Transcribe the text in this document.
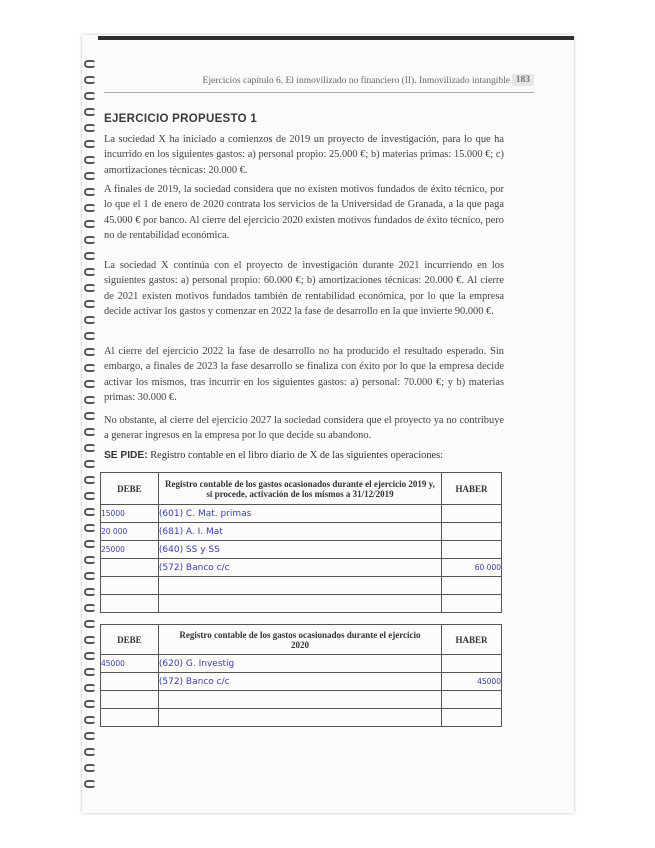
Ejercicios capítulo 6. El inmovilizado no financiero (II). Inmovilizado intangible 183
EJERCICIO PROPUESTO 1

La sociedad X ha iniciado a comienzos de 2019 un proyecto de investigación, para lo que ha incurrido en los siguientes gastos: a) personal propio: 25.000 €; b) materias primas: 15.000 €; c) amortizaciones técnicas: 20.000 €.

A finales de 2019, la sociedad considera que no existen motivos fundados de éxito técnico, por lo que el 1 de enero de 2020 contrata los servicios de la Universidad de Granada, a la que paga 45.000 € por banco. Al cierre del ejercicio 2020 existen motivos fundados de éxito técnico, pero no de rentabilidad económica.

La sociedad X continúa con el proyecto de investigación durante 2021 incurriendo en los siguientes gastos: a) personal propio: 60.000 €; b) amortizaciones técnicas: 20.000 €. Al cierre de 2021 existen motivos fundados también de rentabilidad económica, por lo que la empresa decide activar los gastos y comenzar en 2022 la fase de desarrollo en la que invierte 90.000 €.

Al cierre del ejercicio 2022 la fase de desarrollo no ha producido el resultado esperado. Sin embargo, a finales de 2023 la fase desarrollo se finaliza con éxito por lo que la empresa decide activar los mismos, tras incurrir en los siguientes gastos: a) personal: 70.000 €; y b) materias primas: 30.000 €.

No obstante, al cierre del ejercicio 2027 la sociedad considera que el proyecto ya no contribuye a generar ingresos en la empresa por lo que decide su abandono.

SE PIDE: Registro contable en el libro diario de X de las siguientes operaciones:
DEBE	Registro contable de los gastos ocasionados durante el ejercicio 2019 y, si procede, activación de los mismos a 31/12/2019	HABER
15000	(601) C. Mat. primas	
20 000	(681) A. I. Mat	
25000	(640) SS y SS	
	(572) Banco c/c	60 000

DEBE	Registro contable de los gastos ocasionados durante el ejercicio 2020	HABER
45000	(620) G. Investig	
	(572) Banco c/c	45000
